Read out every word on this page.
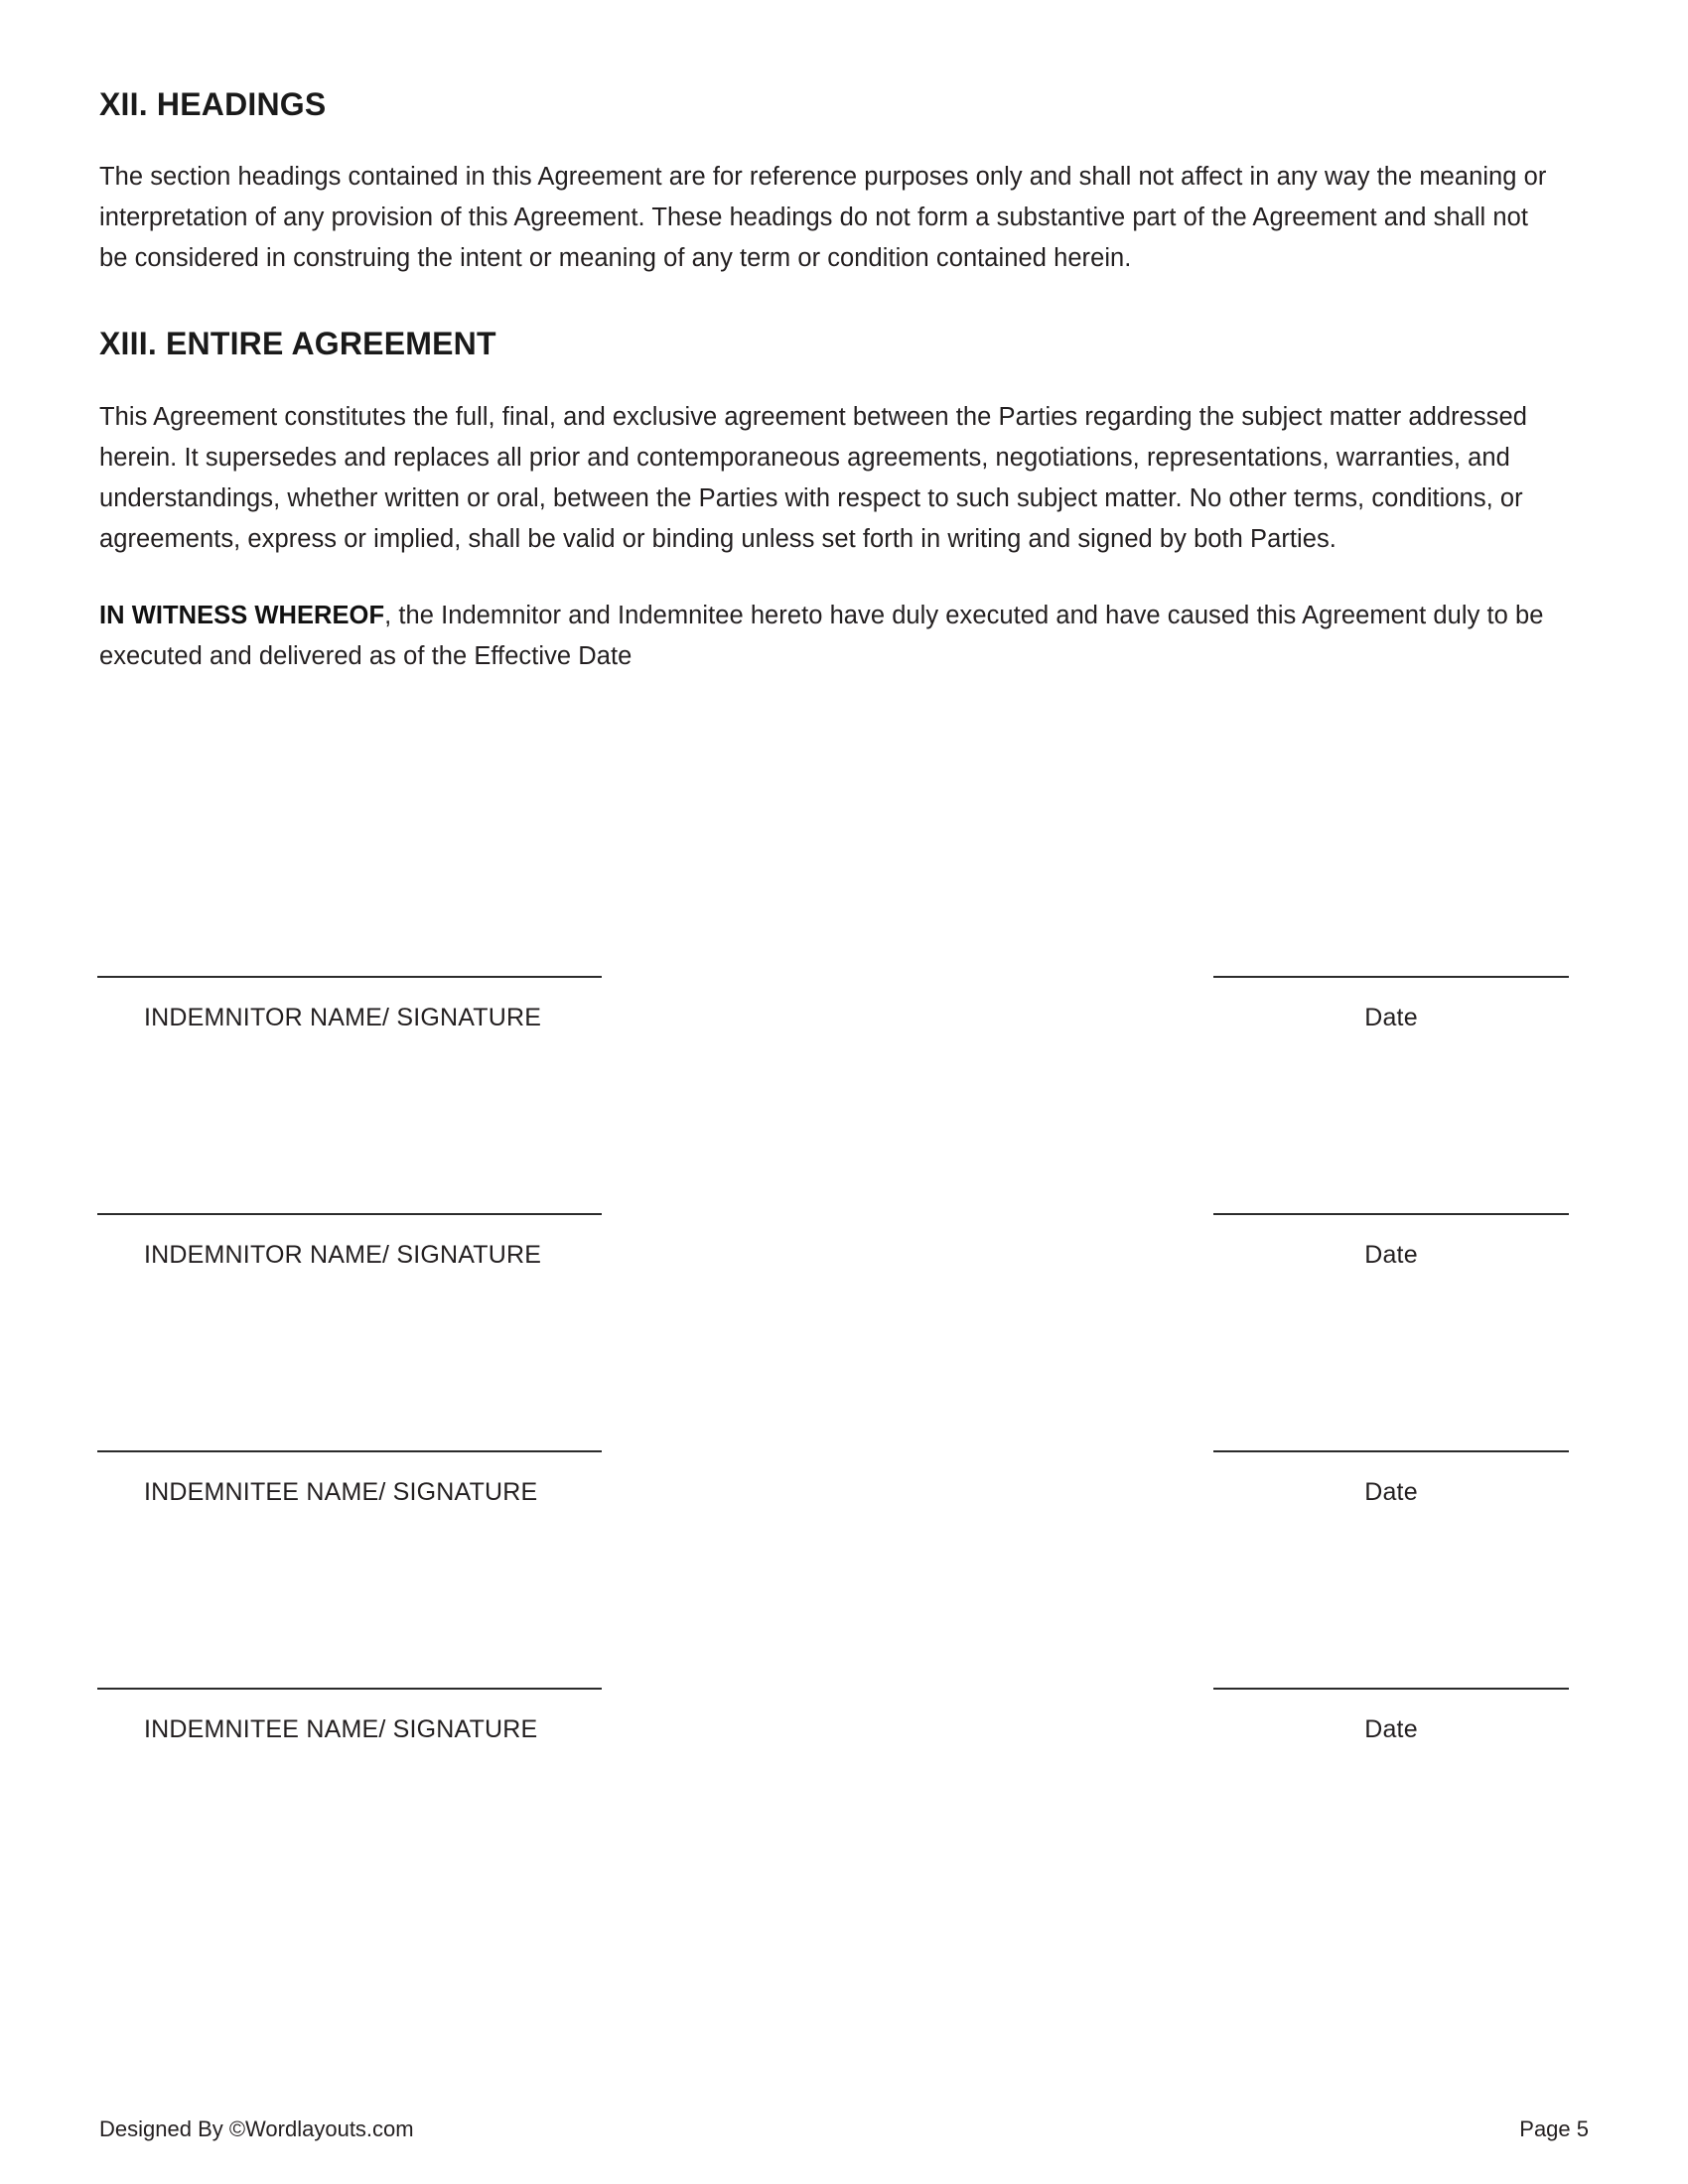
XII. HEADINGS

The section headings contained in this Agreement are for reference purposes only and shall not affect in any way the meaning or interpretation of any provision of this Agreement. These headings do not form a substantive part of the Agreement and shall not be considered in construing the intent or meaning of any term or condition contained herein.

XIII. ENTIRE AGREEMENT

This Agreement constitutes the full, final, and exclusive agreement between the Parties regarding the subject matter addressed herein. It supersedes and replaces all prior and contemporaneous agreements, negotiations, representations, warranties, and understandings, whether written or oral, between the Parties with respect to such subject matter. No other terms, conditions, or agreements, express or implied, shall be valid or binding unless set forth in writing and signed by both Parties.

IN WITNESS WHEREOF, the Indemnitor and Indemnitee hereto have duly executed and have caused this Agreement duly to be executed and delivered as of the Effective Date

INDEMNITOR NAME/ SIGNATURE	Date
INDEMNITOR NAME/ SIGNATURE	Date
INDEMNITEE NAME/ SIGNATURE	Date
INDEMNITEE NAME/ SIGNATURE	Date
Designed By ©Wordlayouts.com	Page 5
